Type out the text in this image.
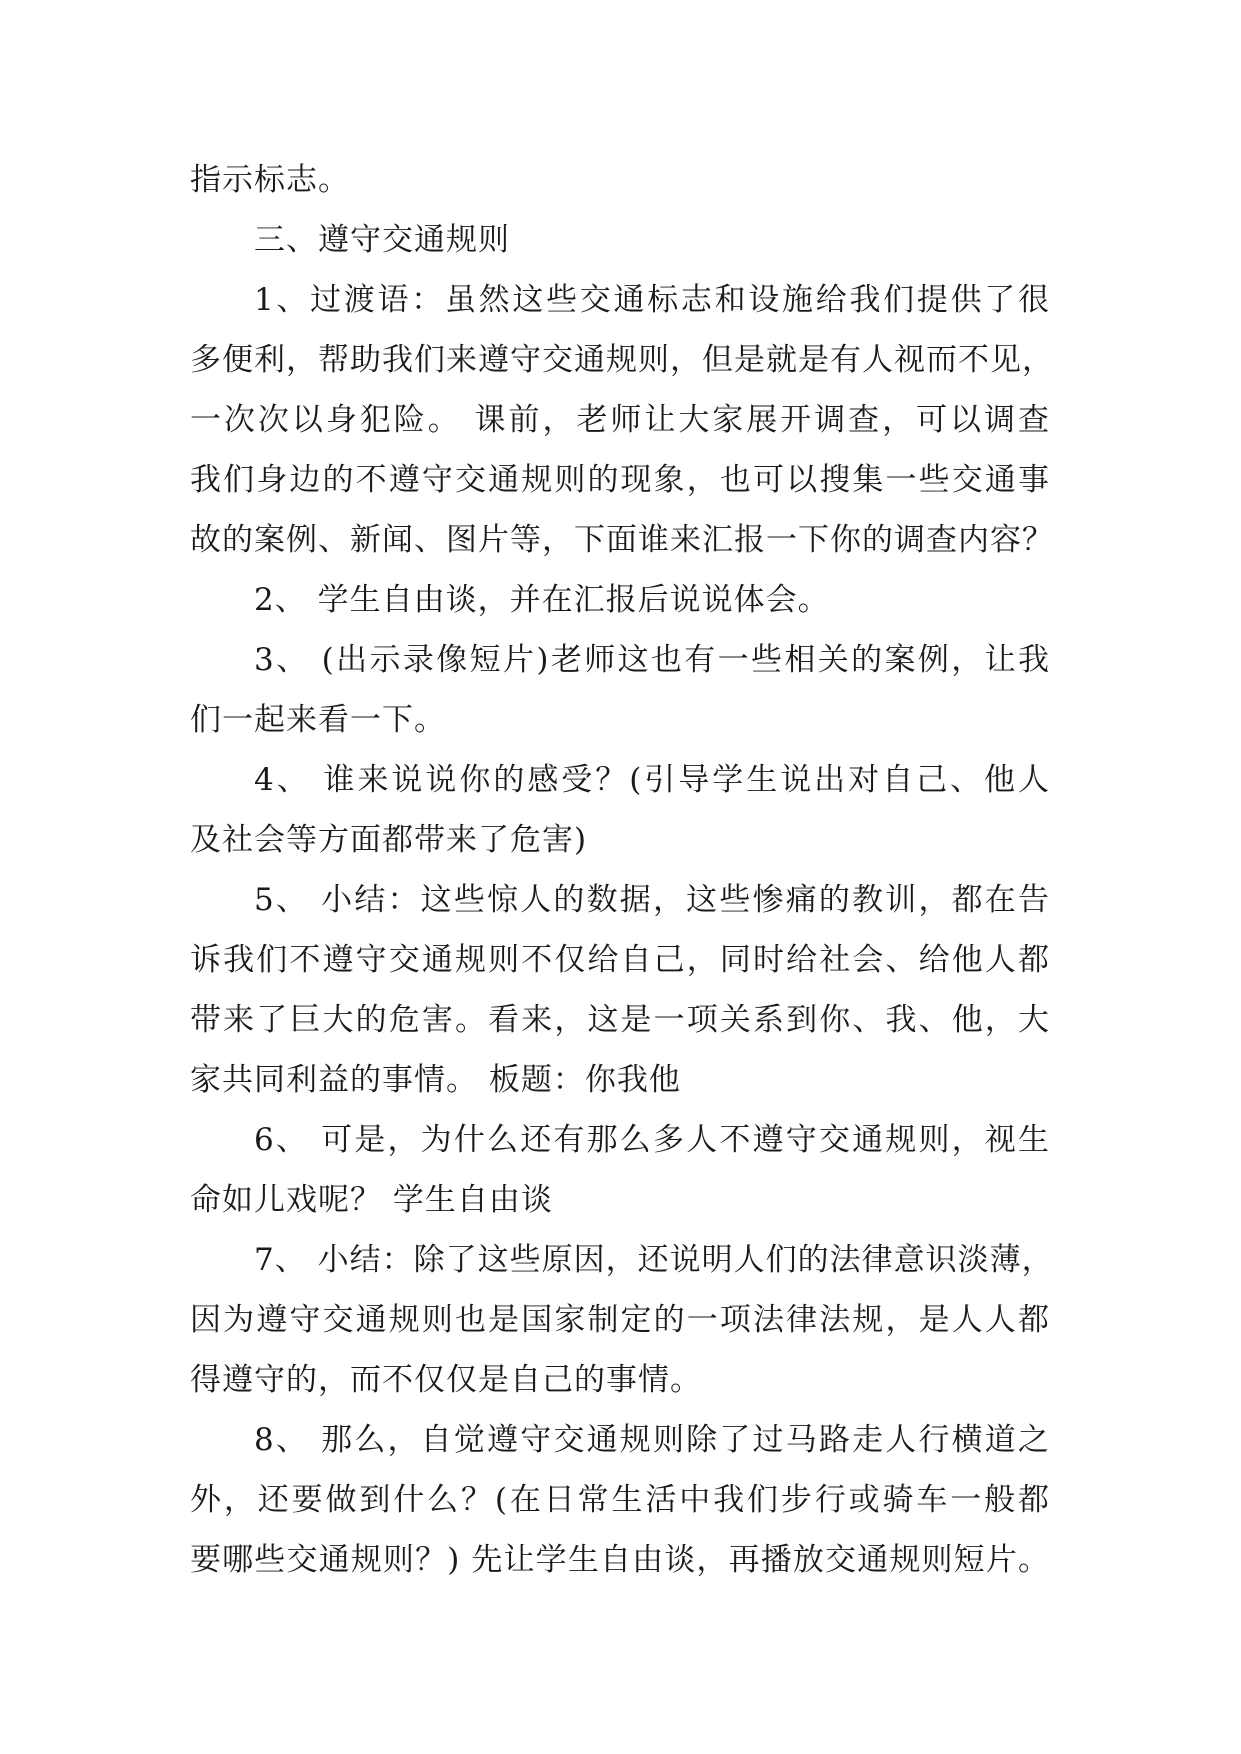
指示标志。
三、遵守交通规则
1、过渡语：虽然这些交通标志和设施给我们提供了很
多便利，帮助我们来遵守交通规则，但是就是有人视而不见，
一次次以身犯险。 课前，老师让大家展开调查，可以调查
我们身边的不遵守交通规则的现象，也可以搜集一些交通事
故的案例、新闻、图片等，下面谁来汇报一下你的调查内容？
2、 学生自由谈，并在汇报后说说体会。
3、 (出示录像短片)老师这也有一些相关的案例，让我
们一起来看一下。
4、 谁来说说你的感受？(引导学生说出对自己、他人
及社会等方面都带来了危害)
5、 小结：这些惊人的数据，这些惨痛的教训，都在告
诉我们不遵守交通规则不仅给自己，同时给社会、给他人都
带来了巨大的危害。看来，这是一项关系到你、我、他，大
家共同利益的事情。 板题：你我他
6、 可是，为什么还有那么多人不遵守交通规则，视生
命如儿戏呢？ 学生自由谈
7、 小结：除了这些原因，还说明人们的法律意识淡薄，
因为遵守交通规则也是国家制定的一项法律法规，是人人都
得遵守的，而不仅仅是自己的事情。
8、 那么，自觉遵守交通规则除了过马路走人行横道之
外，还要做到什么？(在日常生活中我们步行或骑车一般都
要哪些交通规则？) 先让学生自由谈，再播放交通规则短片。
